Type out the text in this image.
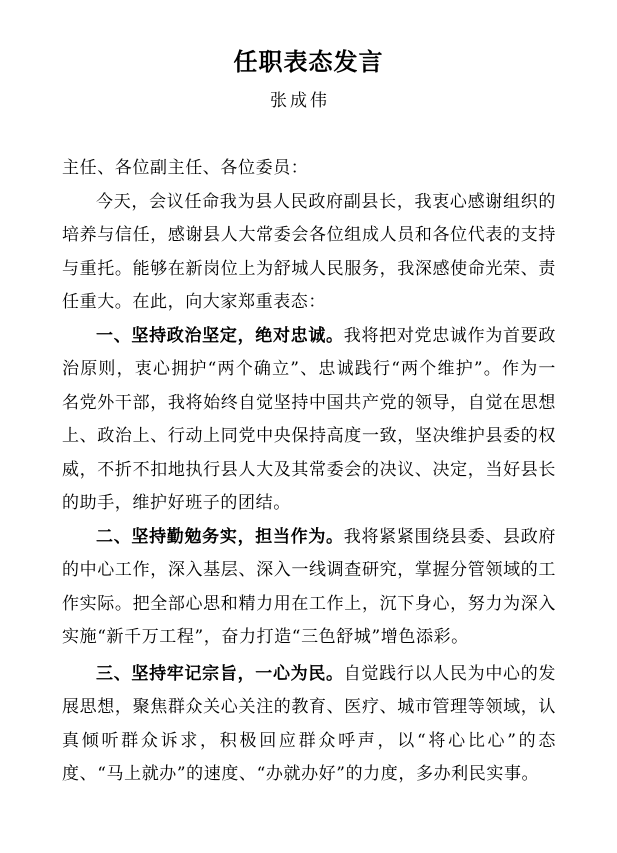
任职表态发言
张成伟

主任、各位副主任、各位委员：

今天，会议任命我为县人民政府副县长，我衷心感谢组织的培养与信任，感谢县人大常委会各位组成人员和各位代表的支持与重托。能够在新岗位上为舒城人民服务，我深感使命光荣、责任重大。在此，向大家郑重表态：

一、坚持政治坚定，绝对忠诚。我将把对党忠诚作为首要政治原则，衷心拥护“两个确立”、忠诚践行“两个维护”。作为一名党外干部，我将始终自觉坚持中国共产党的领导，自觉在思想上、政治上、行动上同党中央保持高度一致，坚决维护县委的权威，不折不扣地执行县人大及其常委会的决议、决定，当好县长的助手，维护好班子的团结。

二、坚持勤勉务实，担当作为。我将紧紧围绕县委、县政府的中心工作，深入基层、深入一线调查研究，掌握分管领域的工作实际。把全部心思和精力用在工作上，沉下身心，努力为深入实施“新千万工程”，奋力打造“三色舒城”增色添彩。

三、坚持牢记宗旨，一心为民。自觉践行以人民为中心的发展思想，聚焦群众关心关注的教育、医疗、城市管理等领域，认真倾听群众诉求，积极回应群众呼声，以“将心比心”的态度、“马上就办”的速度、“办就办好”的力度，多办利民实事。
